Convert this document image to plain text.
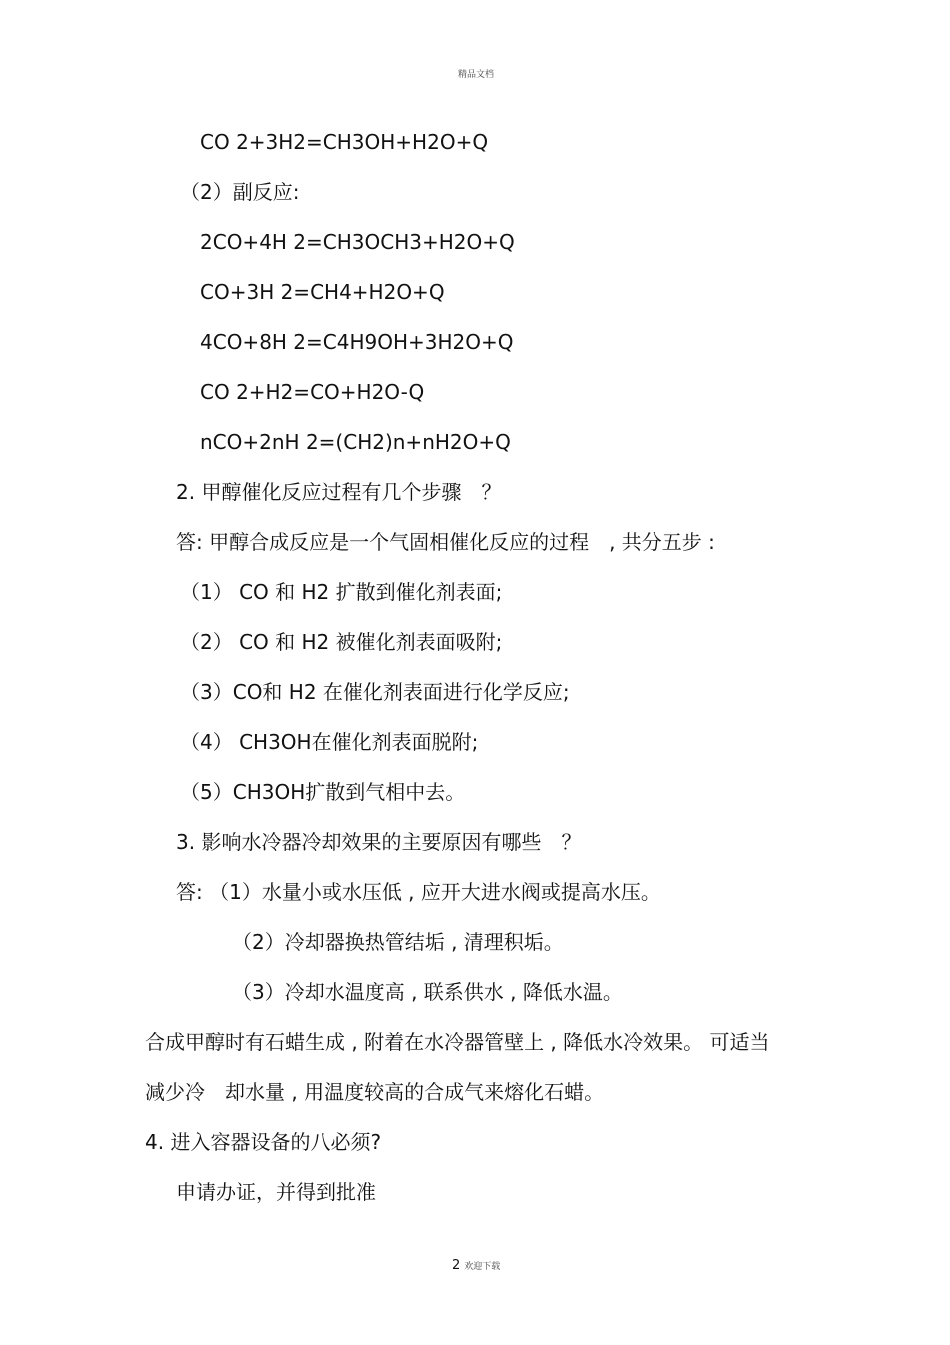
精品文档
CO 2+3H2=CH3OH+H2O+Q
（2）副反应:
2CO+4H 2=CH3OCH3+H2O+Q
CO+3H 2=CH4+H2O+Q
4CO+8H 2=C4H9OH+3H2O+Q
CO 2+H2=CO+H2O-Q
nCO+2nH 2=(CH2)n+nH2O+Q
2. 甲醇催化反应过程有几个步骤　？
答: 甲醇合成反应是一个气固相催化反应的过程　, 共分五步 :
（1） CO 和 H2 扩散到催化剂表面;
（2） CO 和 H2 被催化剂表面吸附;
（3）CO和 H2 在催化剂表面进行化学反应;
（4） CH3OH在催化剂表面脱附;
（5）CH3OH扩散到气相中去。
3. 影响水冷器冷却效果的主要原因有哪些　？
答: （1）水量小或水压低 , 应开大进水阀或提高水压。
（2）冷却器换热管结垢 , 清理积垢。
（3）冷却水温度高 , 联系供水 , 降低水温。
合成甲醇时有石蜡生成 , 附着在水冷器管壁上 , 降低水冷效果。 可适当
减少冷　却水量 , 用温度较高的合成气来熔化石蜡。
4. 进入容器设备的八必须?
申请办证，并得到批准
2 欢迎下载
